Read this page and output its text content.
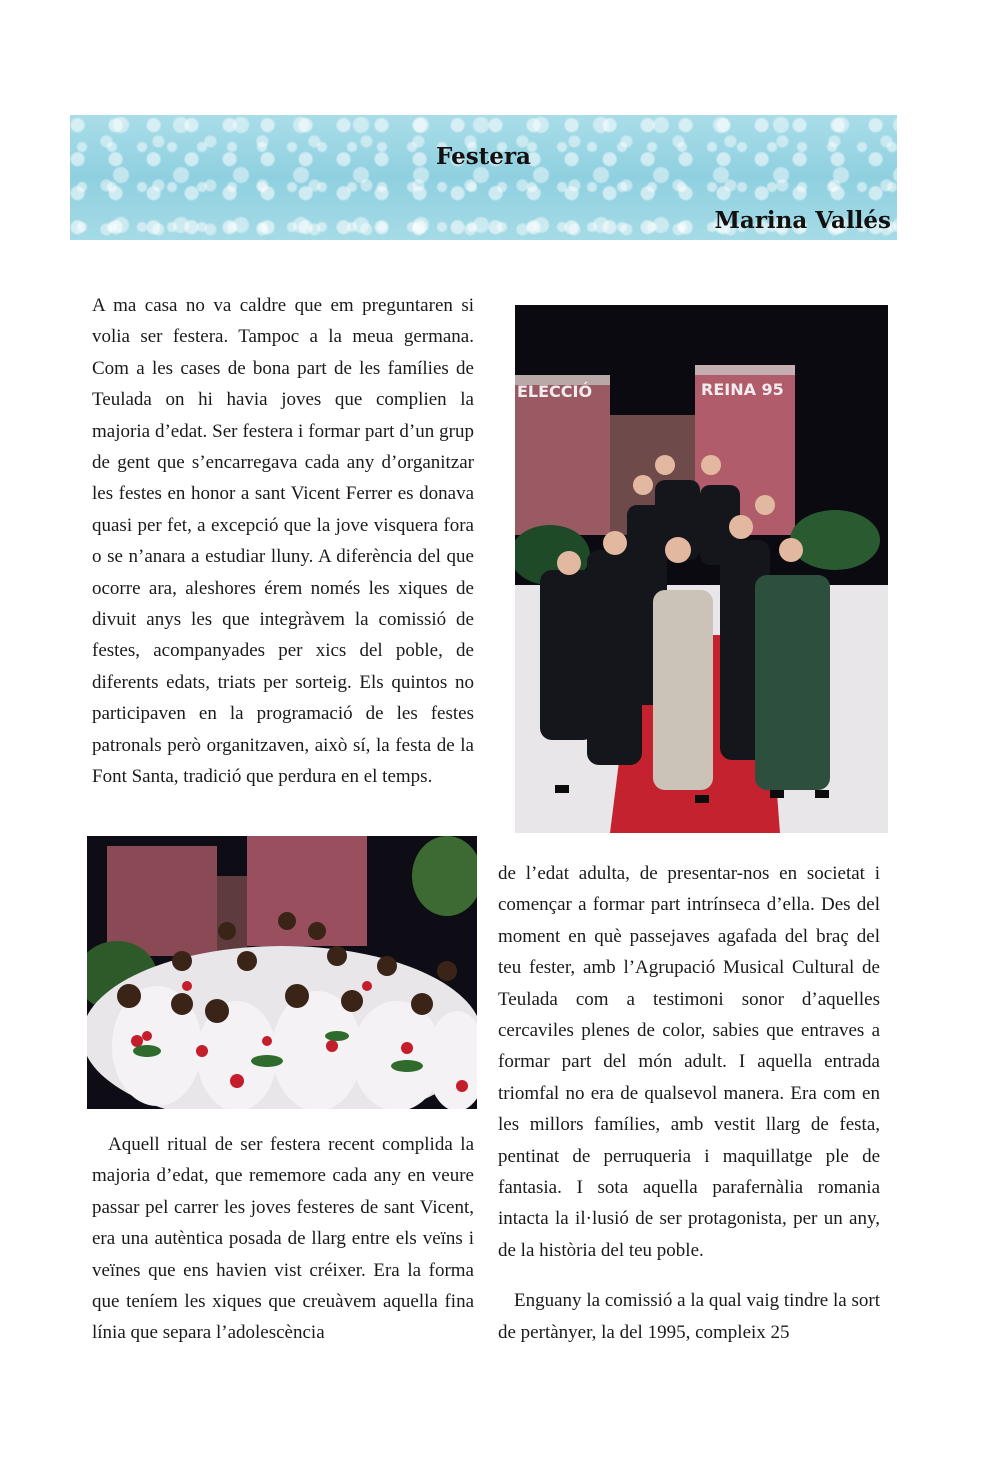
Festera
Marina Vallés

A ma casa no va caldre que em preguntaren si volia ser festera. Tampoc a la meua germana. Com a les cases de bona part de les famílies de Teulada on hi havia joves que complien la majoria d’edat. Ser festera i formar part d’un grup de gent que s’encarregava cada any d’organitzar les festes en honor a sant Vicent Ferrer es donava quasi per fet, a excepció que la jove visquera fora o se n’anara a estudiar lluny. A diferència del que ocorre ara, aleshores érem només les xiques de divuit anys les que integràvem la comissió de festes, acompanyades per xics del poble, de diferents edats, triats per sorteig. Els quintos no participaven en la programació de les festes patronals però organitzaven, això sí, la festa de la Font Santa, tradició que perdura en el temps.

ELECCIÓ	REINA 95

Aquell ritual de ser festera recent complida la majoria d’edat, que rememore cada any en veure passar pel carrer les joves festeres de sant Vicent, era una autèntica posada de llarg entre els veïns i veïnes que ens havien vist créixer. Era la forma que teníem les xiques que creuàvem aquella fina línia que separa l’adolescència

de l’edat adulta, de presentar-nos en societat i començar a formar part intrínseca d’ella. Des del moment en què passejaves agafada del braç del teu fester, amb l’Agrupació Musical Cultural de Teulada com a testimoni sonor d’aquelles cercaviles plenes de color, sabies que entraves a formar part del món adult. I aquella entrada triomfal no era de qualsevol manera. Era com en les millors famílies, amb vestit llarg de festa, pentinat de perruqueria i maquillatge ple de fantasia. I sota aquella parafernàlia romania intacta la il·lusió de ser protagonista, per un any, de la història del teu poble.

Enguany la comissió a la qual vaig tindre la sort de pertànyer, la del 1995, compleix 25
